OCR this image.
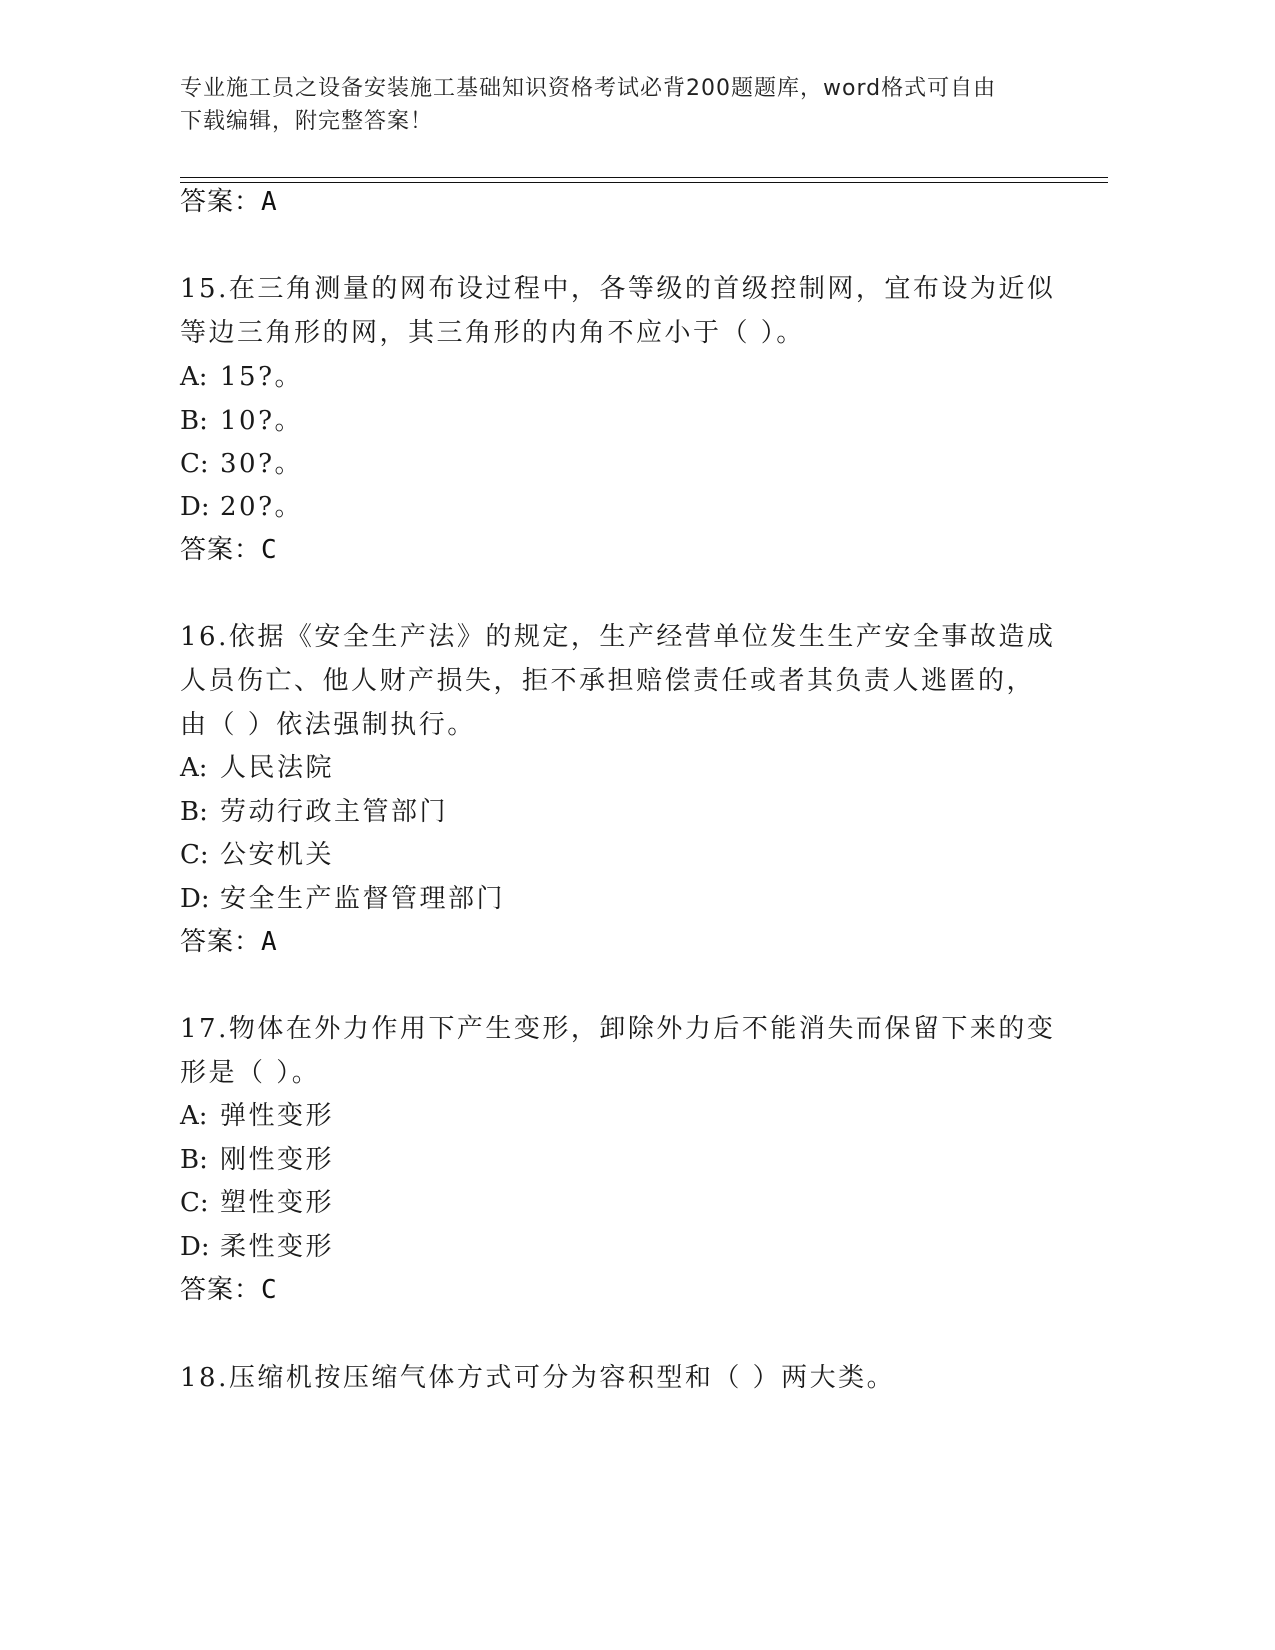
专业施工员之设备安装施工基础知识资格考试必背200题题库，word格式可自由
下载编辑，附完整答案！
答案：A
15.在三角测量的网布设过程中，各等级的首级控制网，宜布设为近似
等边三角形的网，其三角形的内角不应小于（ ）。
A: 15?。
B: 10?。
C: 30?。
D: 20?。
答案：C
16.依据《安全生产法》的规定，生产经营单位发生生产安全事故造成
人员伤亡、他人财产损失，拒不承担赔偿责任或者其负责人逃匿的，
由（ ）依法强制执行。
A: 人民法院
B: 劳动行政主管部门
C: 公安机关
D: 安全生产监督管理部门
答案：A
17.物体在外力作用下产生变形，卸除外力后不能消失而保留下来的变
形是（ ）。
A: 弹性变形
B: 刚性变形
C: 塑性变形
D: 柔性变形
答案：C
18.压缩机按压缩气体方式可分为容积型和（ ）两大类。
